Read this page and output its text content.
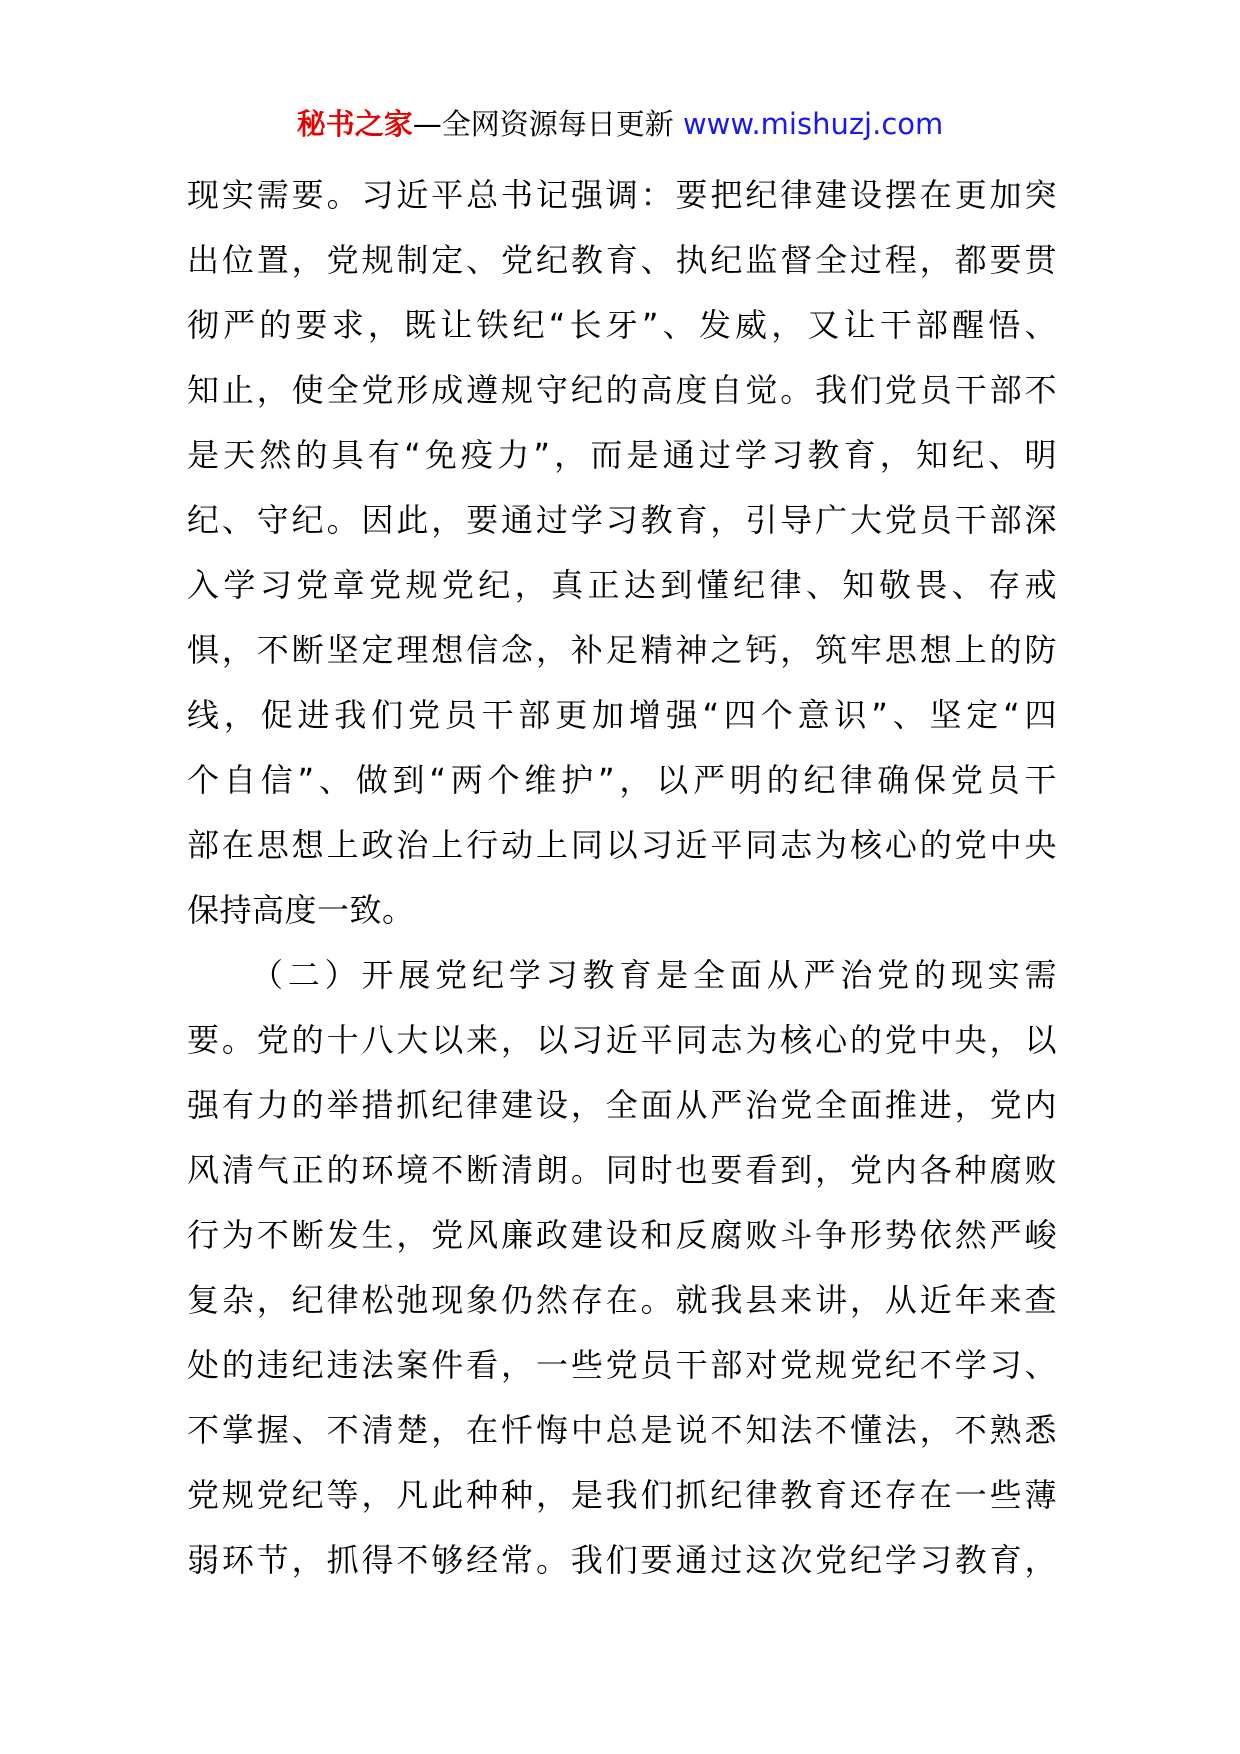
秘书之家—全网资源每日更新 www.mishuzj.com
现实需要。习近平总书记强调：要把纪律建设摆在更加突
出位置，党规制定、党纪教育、执纪监督全过程，都要贯
彻严的要求，既让铁纪“长牙”、发威，又让干部醒悟、
知止，使全党形成遵规守纪的高度自觉。我们党员干部不
是天然的具有“免疫力”，而是通过学习教育，知纪、明
纪、守纪。因此，要通过学习教育，引导广大党员干部深
入学习党章党规党纪，真正达到懂纪律、知敬畏、存戒
惧，不断坚定理想信念，补足精神之钙，筑牢思想上的防
线，促进我们党员干部更加增强“四个意识”、坚定“四
个自信”、做到“两个维护”，以严明的纪律确保党员干
部在思想上政治上行动上同以习近平同志为核心的党中央
保持高度一致。
（二）开展党纪学习教育是全面从严治党的现实需
要。党的十八大以来，以习近平同志为核心的党中央，以
强有力的举措抓纪律建设，全面从严治党全面推进，党内
风清气正的环境不断清朗。同时也要看到，党内各种腐败
行为不断发生，党风廉政建设和反腐败斗争形势依然严峻
复杂，纪律松弛现象仍然存在。就我县来讲，从近年来查
处的违纪违法案件看，一些党员干部对党规党纪不学习、
不掌握、不清楚，在忏悔中总是说不知法不懂法，不熟悉
党规党纪等，凡此种种，是我们抓纪律教育还存在一些薄
弱环节，抓得不够经常。我们要通过这次党纪学习教育，
